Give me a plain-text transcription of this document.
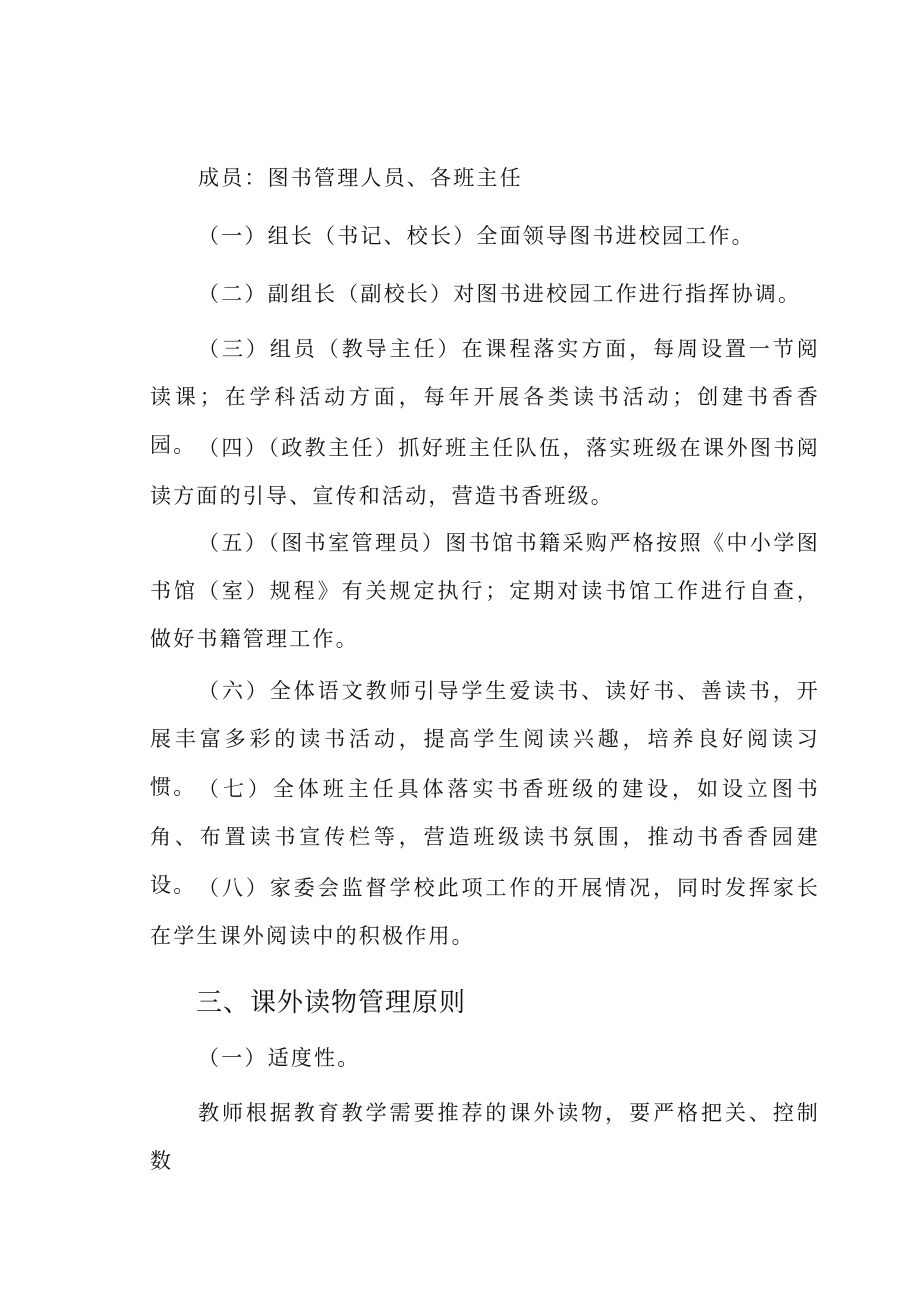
成员：图书管理人员、各班主任

（一）组长（书记、校长）全面领导图书进校园工作。

（二）副组长（副校长）对图书进校园工作进行指挥协调。

（三）组员（教导主任）在课程落实方面，每周设置一节阅读课；在学科活动方面，每年开展各类读书活动；创建书香香园。 （四）（政教主任）抓好班主任队伍，落实班级在课外图书阅读方面的引导、宣传和活动，营造书香班级。

（五）（图书室管理员）图书馆书籍采购严格按照《中小学图书馆（室）规程》有关规定执行；定期对读书馆工作进行自查，做好书籍管理工作。

（六）全体语文教师引导学生爱读书、读好书、善读书，开展丰富多彩的读书活动，提高学生阅读兴趣，培养良好阅读习惯。 （七）全体班主任具体落实书香班级的建设，如设立图书角、布置读书宣传栏等，营造班级读书氛围，推动书香香园建设。 （八）家委会监督学校此项工作的开展情况，同时发挥家长在学生课外阅读中的积极作用。

三、课外读物管理原则

（一）适度性。

教师根据教育教学需要推荐的课外读物，要严格把关、控制数
